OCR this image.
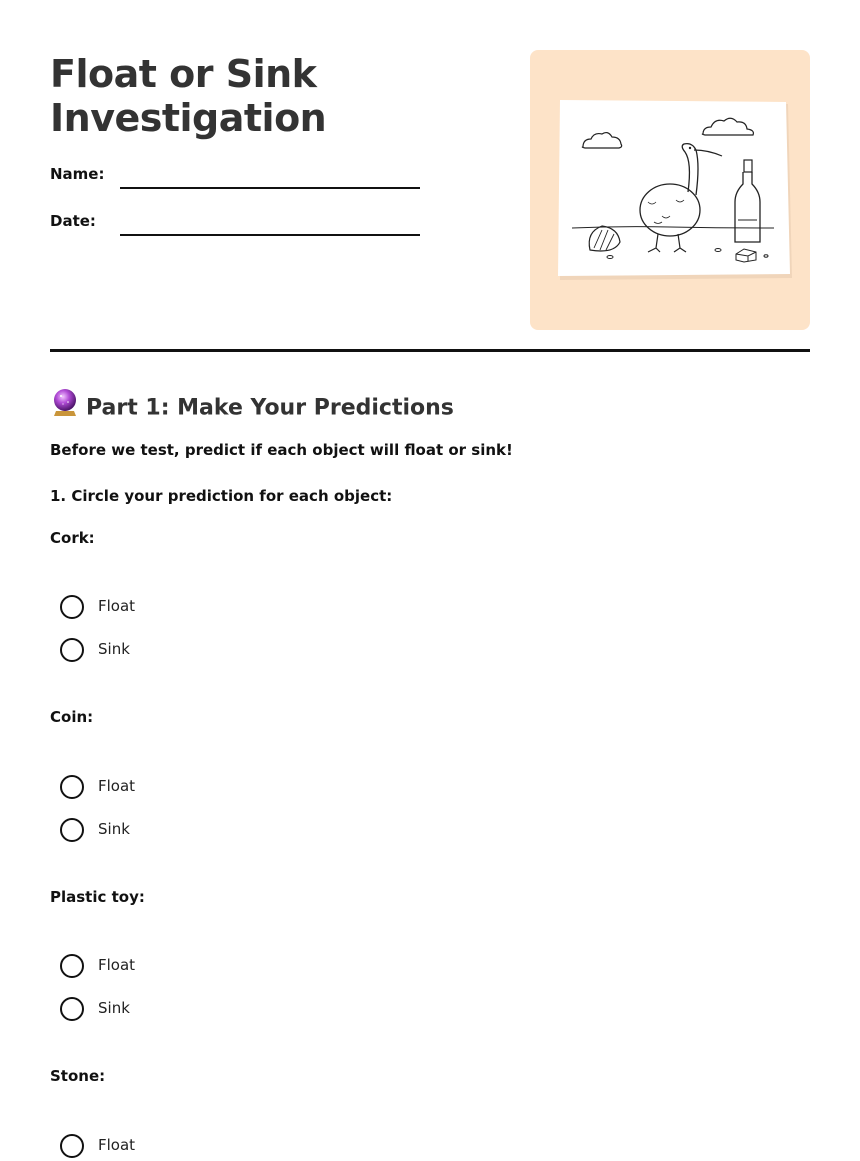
Float or Sink
Investigation
Name:
Date:
Part 1: Make Your Predictions
Before we test, predict if each object will float or sink!
1. Circle your prediction for each object:
Cork:
Float
Sink
Coin:
Float
Sink
Plastic toy:
Float
Sink
Stone:
Float
